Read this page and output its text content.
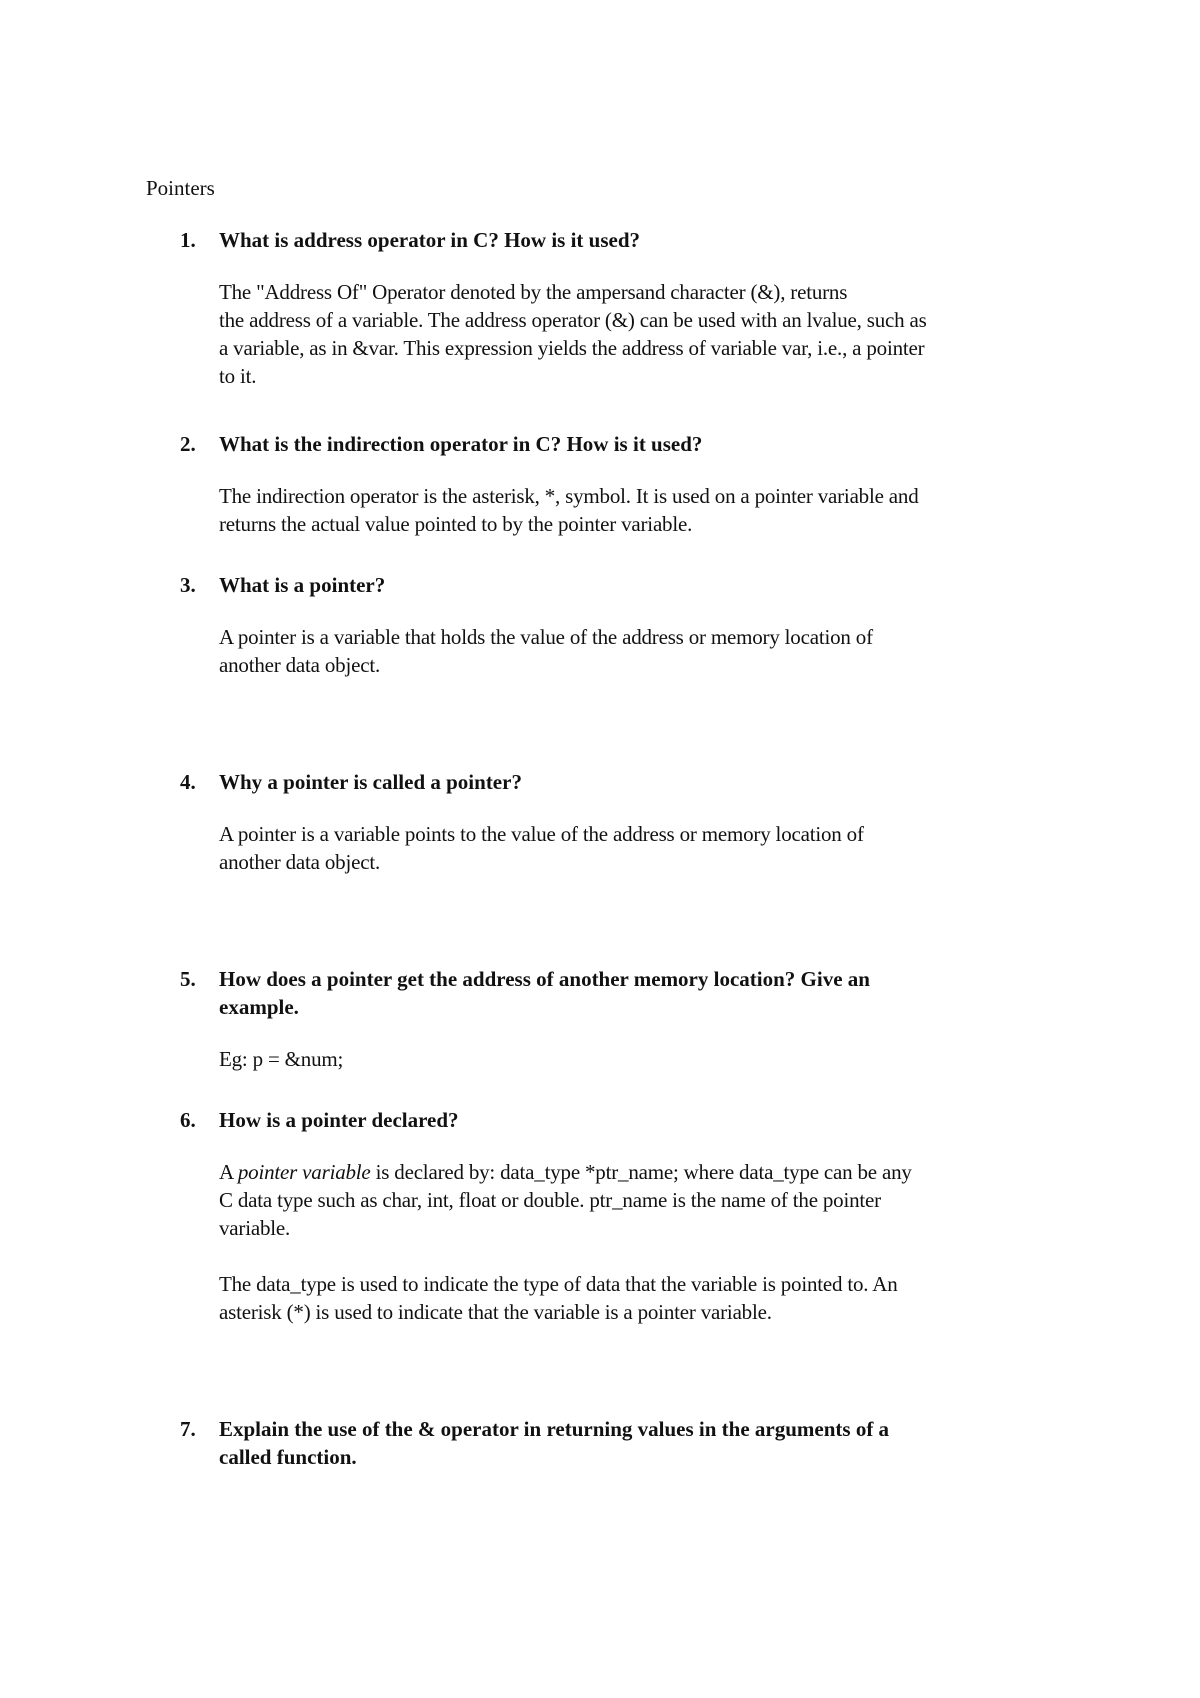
Pointers
1. What is address operator in C? How is it used?

The "Address Of" Operator denoted by the ampersand character (&), returns
the address of a variable. The address operator (&) can be used with an lvalue, such as
a variable, as in &var. This expression yields the address of variable var, i.e., a pointer
to it.

2. What is the indirection operator in C? How is it used?

The indirection operator is the asterisk, *, symbol. It is used on a pointer variable and
returns the actual value pointed to by the pointer variable.

3. What is a pointer?

A pointer is a variable that holds the value of the address or memory location of
another data object.

4. Why a pointer is called a pointer?

A pointer is a variable points to the value of the address or memory location of
another data object.

5. How does a pointer get the address of another memory location? Give an
example.

Eg: p = &num;

6. How is a pointer declared?

A pointer variable is declared by: data_type *ptr_name; where data_type can be any
C data type such as char, int, float or double. ptr_name is the name of the pointer
variable.

The data_type is used to indicate the type of data that the variable is pointed to. An
asterisk (*) is used to indicate that the variable is a pointer variable.

7. Explain the use of the & operator in returning values in the arguments of a
called function.
